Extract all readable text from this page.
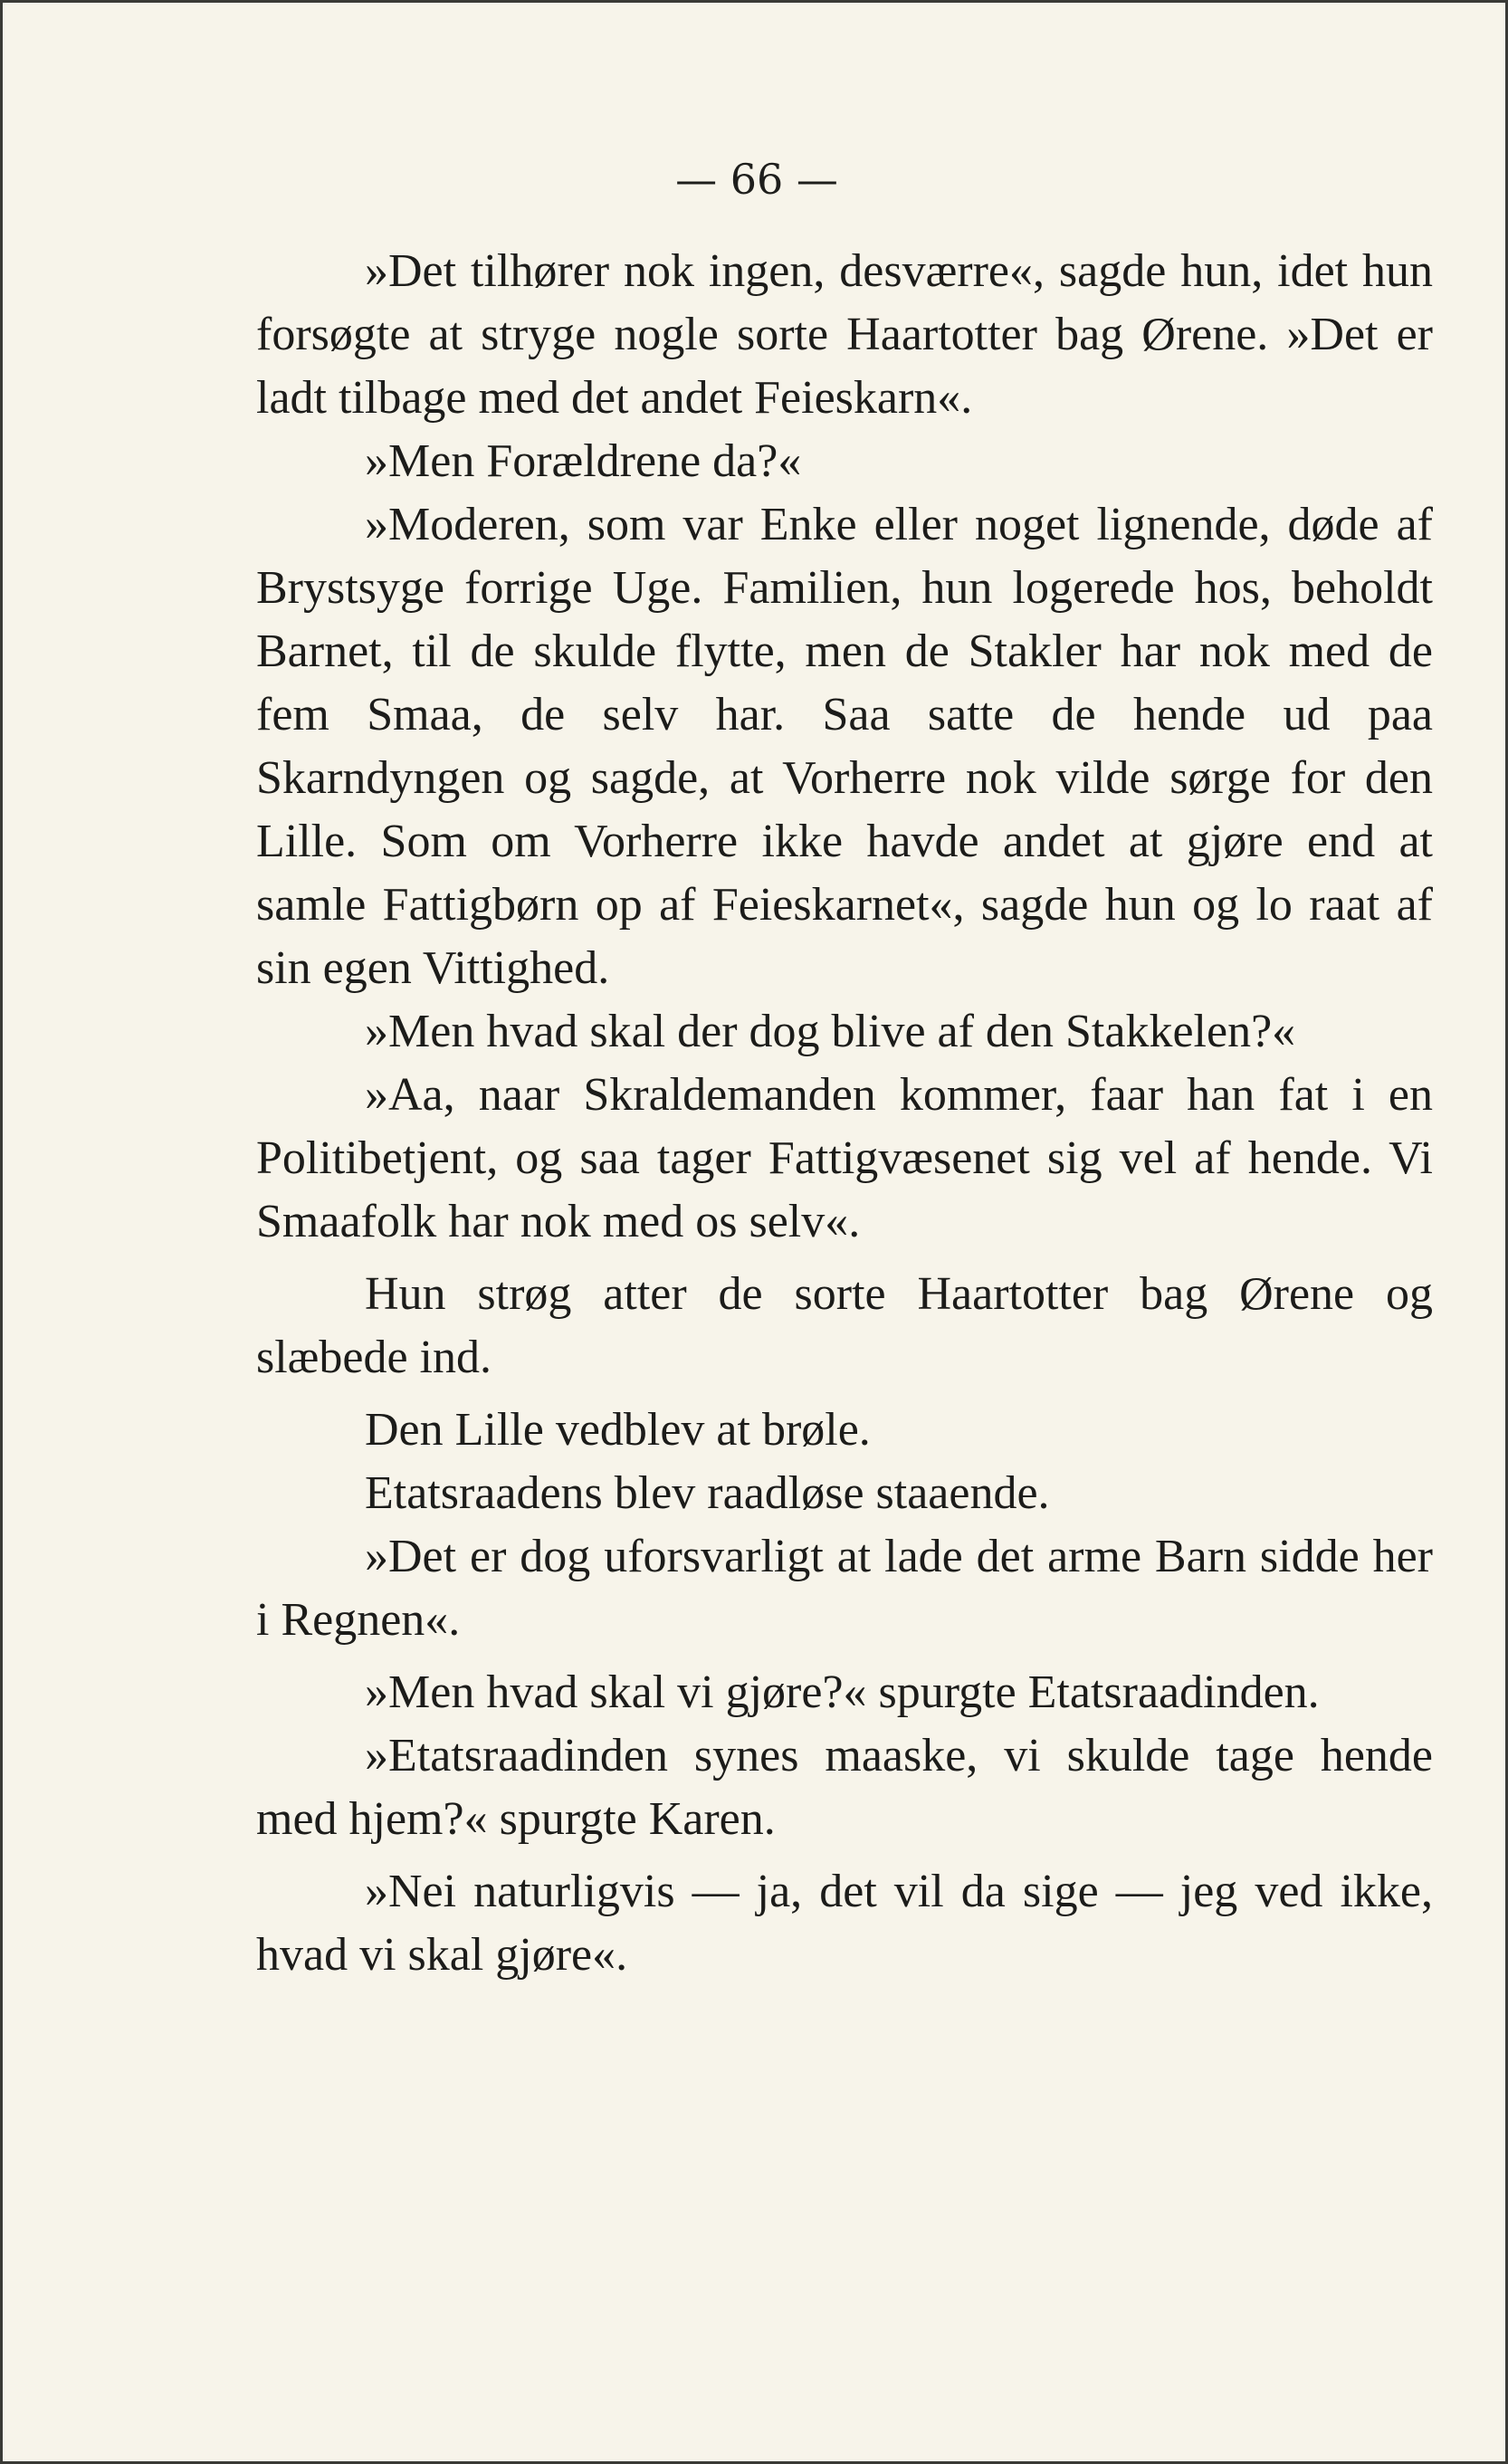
— 66 —

»Det tilhører nok ingen, desværre«, sagde hun, idet hun forsøgte at stryge nogle sorte Haartotter bag Ørene. »Det er ladt tilbage med det andet Feieskarn«.

»Men Forældrene da?«

»Moderen, som var Enke eller noget lignende, døde af Brystsyge forrige Uge. Familien, hun logerede hos, beholdt Barnet, til de skulde flytte, men de Stakler har nok med de fem Smaa, de selv har. Saa satte de hende ud paa Skarndyngen og sagde, at Vorherre nok vilde sørge for den Lille. Som om Vorherre ikke havde andet at gjøre end at samle Fattigbørn op af Feieskarnet«, sagde hun og lo raat af sin egen Vittighed.

»Men hvad skal der dog blive af den Stakkelen?«

»Aa, naar Skraldemanden kommer, faar han fat i en Politibetjent, og saa tager Fattigvæsenet sig vel af hende. Vi Smaafolk har nok med os selv«.

Hun strøg atter de sorte Haartotter bag Ørene og slæbede ind.

Den Lille vedblev at brøle.

Etatsraadens blev raadløse staaende.

»Det er dog uforsvarligt at lade det arme Barn sidde her i Regnen«.

»Men hvad skal vi gjøre?« spurgte Etatsraadinden.

»Etatsraadinden synes maaske, vi skulde tage hende med hjem?« spurgte Karen.

»Nei naturligvis — ja, det vil da sige — jeg ved ikke, hvad vi skal gjøre«.
